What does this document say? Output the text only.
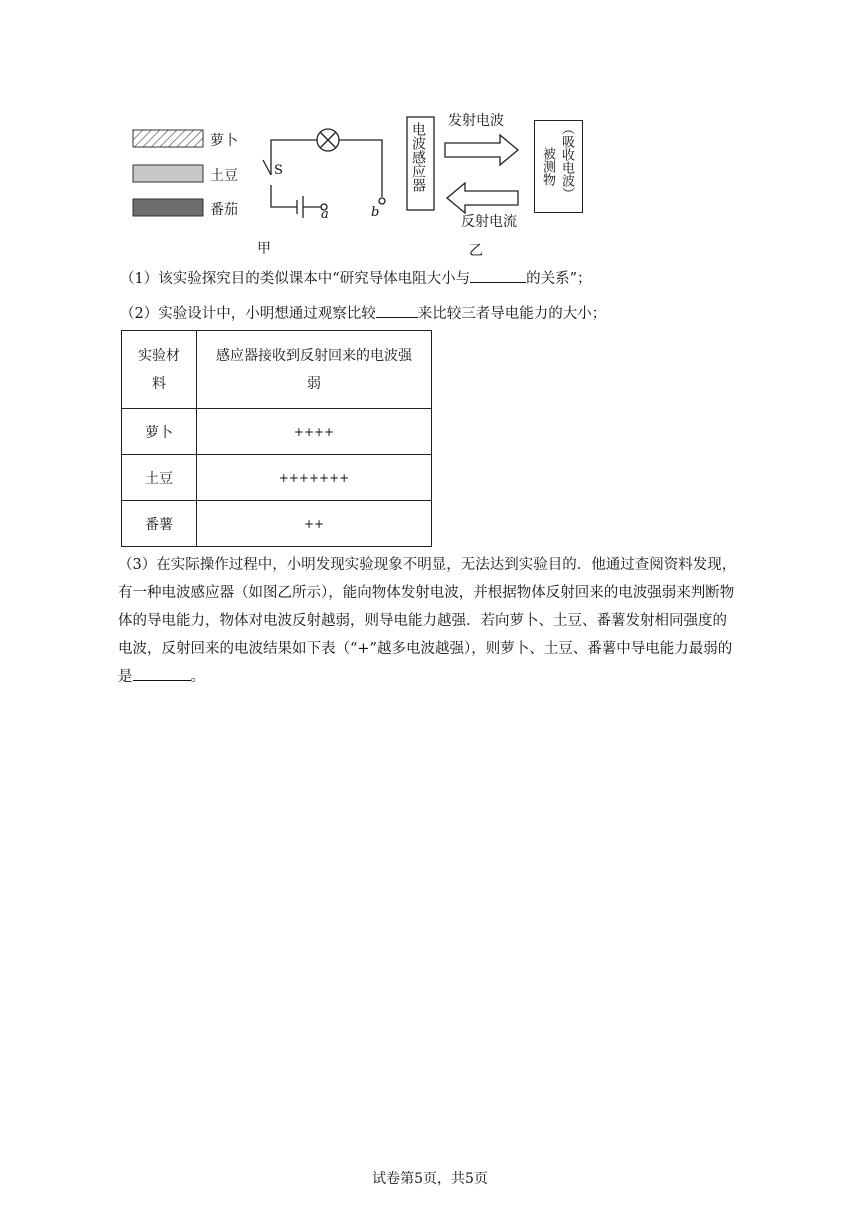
萝卜
土豆
番茄
S
a	b
甲
电波感应器
发射电波
反射电流
（吸收电波）
被测物
乙
（1）该实验探究目的类似课本中“研究导体电阻大小与	的关系”；
（2）实验设计中，小明想通过观察比较	来比较三者导电能力的大小；
实验材料	感应器接收到反射回来的电波强弱

萝卜	++++
土豆	+++++++
番薯	++
（3）在实际操作过程中，小明发现实验现象不明显，无法达到实验目的．他通过查阅资料发现，有一种电波感应器（如图乙所示），能向物体发射电波，并根据物体反射回来的电波强弱来判断物体的导电能力，物体对电波反射越弱，则导电能力越强．若向萝卜、土豆、番薯发射相同强度的电波，反射回来的电波结果如下表（“+”越多电波越强），则萝卜、土豆、番薯中导电能力最弱的是	。
试卷第5页，共5页
